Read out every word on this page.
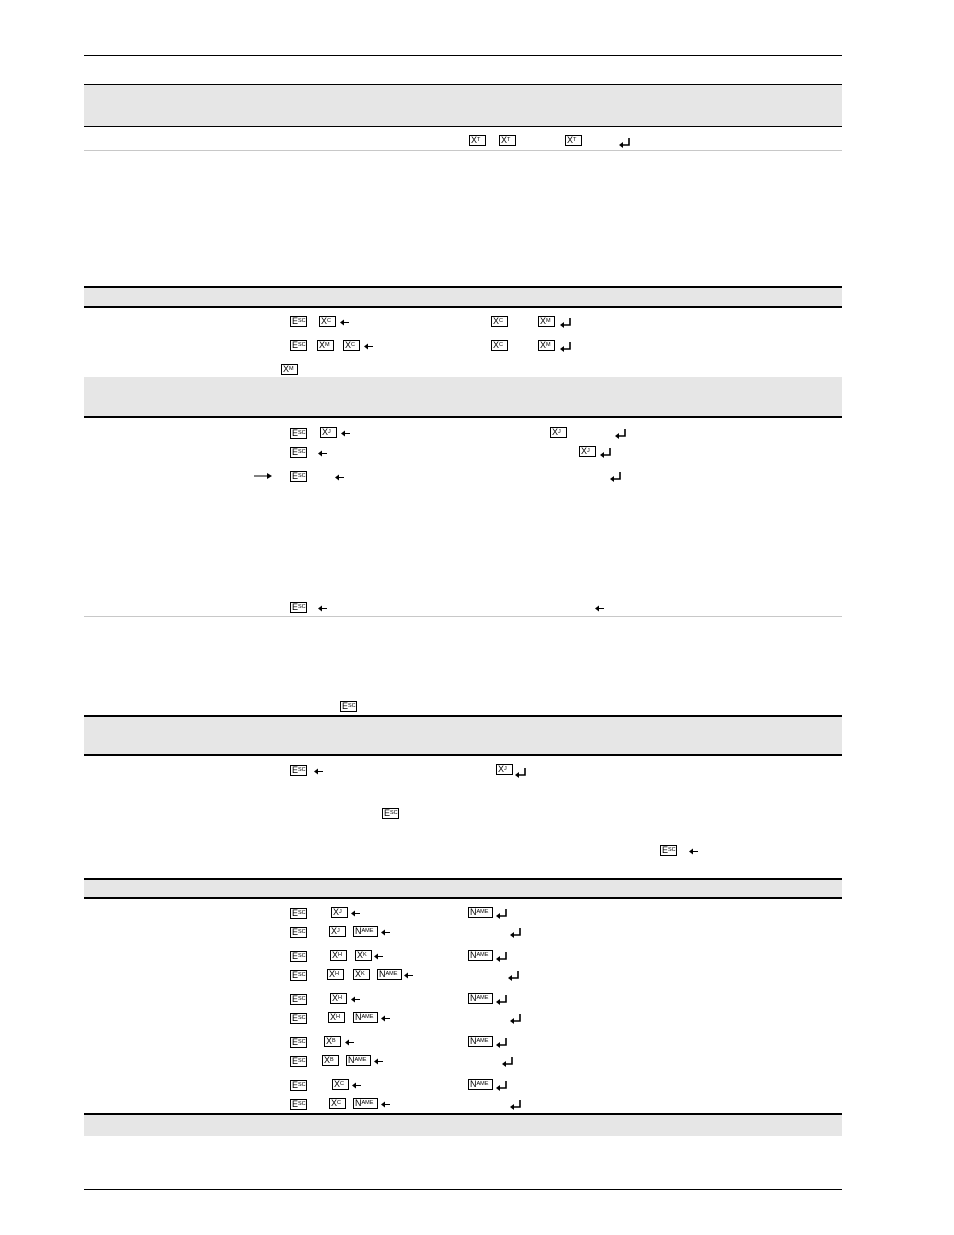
$^{XT}$	$^{XT}$	$^{XT}$
$^{ESC}$ $^{XC}$	$^{XC}$	$^{XM}$
$^{ESC}$ $^{XM}$	$^{XC}$	$^{XC}$	$^{XM}$
$^{XM}$
$^{ESC}$ $^{XJ}$	$^{XJ}$
$^{ESC}$	$^{XJ}$
$^{ESC}$
$^{ESC}$
$^{ESC}$
$^{ESC}$	$^{XJ}$
$^{ESC}$
$^{ESC}$
$^{ESC}$	$^{XJ}$	$^{NAME}$
$^{ESC}$	$^{XJ}$	$^{NAME}$
$^{ESC}$	$^{XH}$	$^{XK}$	$^{NAME}$
$^{ESC}$	$^{XH}$	$^{XK}$	$^{NAME}$
$^{ESC}$	$^{XH}$	$^{NAME}$
$^{ESC}$	$^{XH}$	$^{NAME}$
$^{ESC}$ $^{XB}$	$^{NAME}$
$^{ESC}$ $^{XB}$	$^{NAME}$
$^{ESC}$	$^{XC}$	$^{NAME}$
$^{ESC}$	$^{XC}$	$^{NAME}$
